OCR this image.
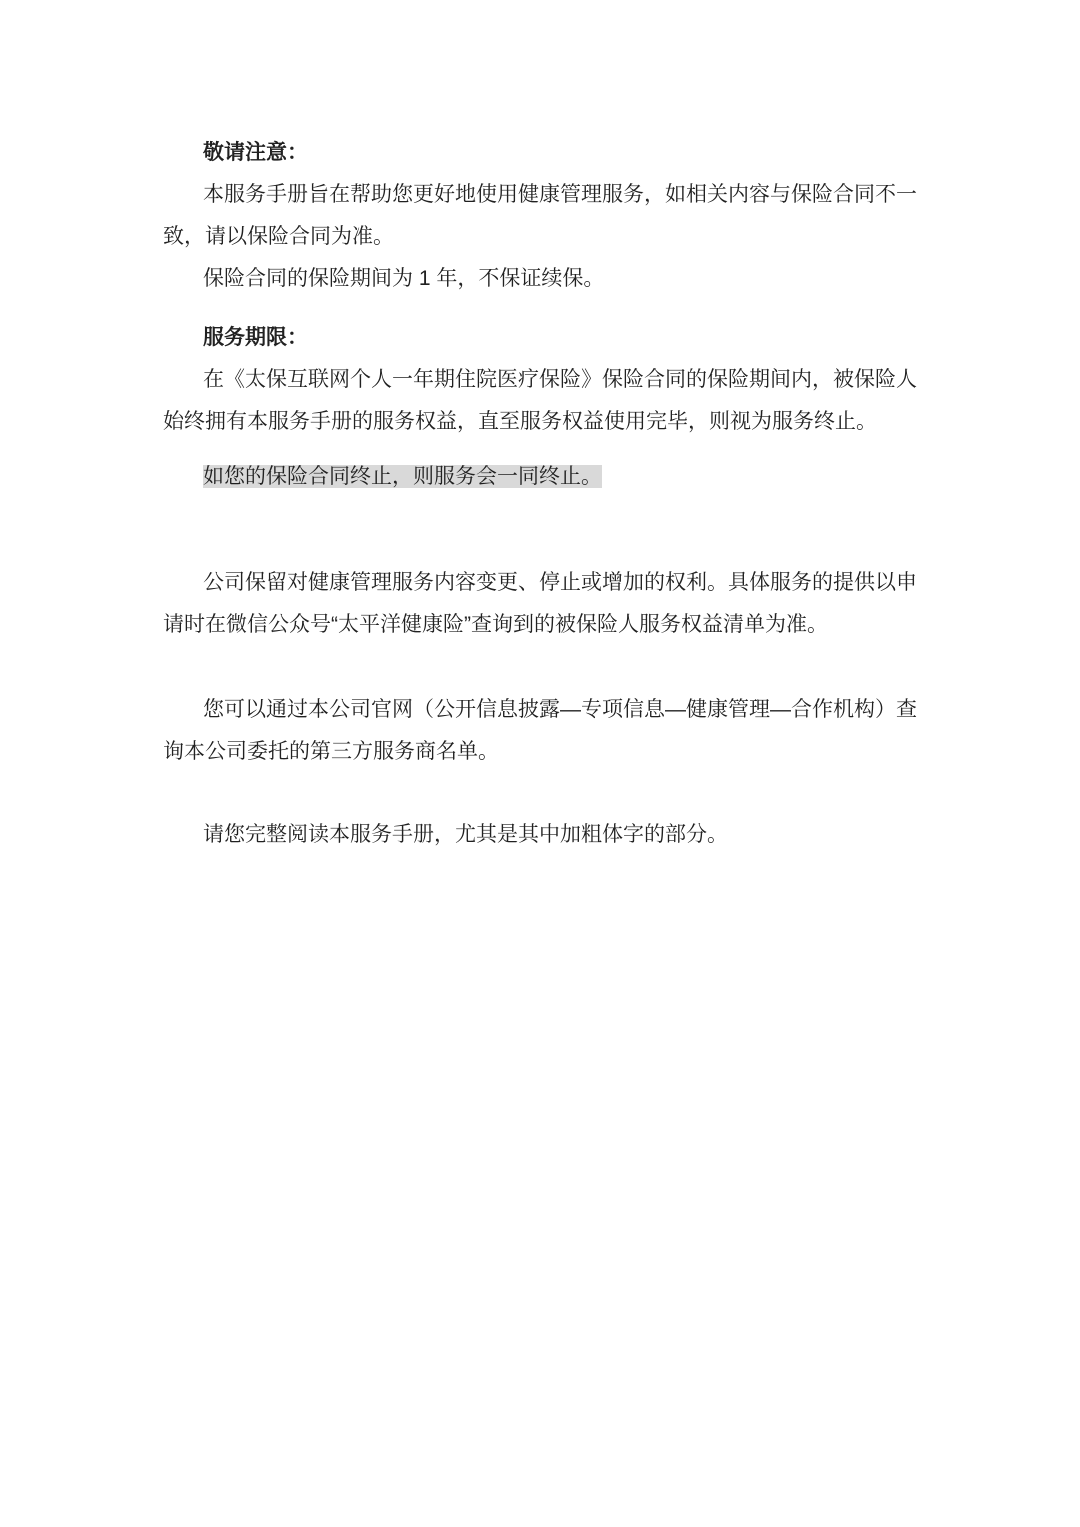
敬请注意：

本服务手册旨在帮助您更好地使用健康管理服务，如相关内容与保险合同不一致，请以保险合同为准。

保险合同的保险期间为 1 年，不保证续保。

服务期限：

在《太保互联网个人一年期住院医疗保险》保险合同的保险期间内，被保险人始终拥有本服务手册的服务权益，直至服务权益使用完毕，则视为服务终止。

如您的保险合同终止，则服务会一同终止。

公司保留对健康管理服务内容变更、停止或增加的权利。具体服务的提供以申请时在微信公众号“太平洋健康险”查询到的被保险人服务权益清单为准。

您可以通过本公司官网（公开信息披露—专项信息—健康管理—合作机构）查询本公司委托的第三方服务商名单。

请您完整阅读本服务手册，尤其是其中加粗体字的部分。
